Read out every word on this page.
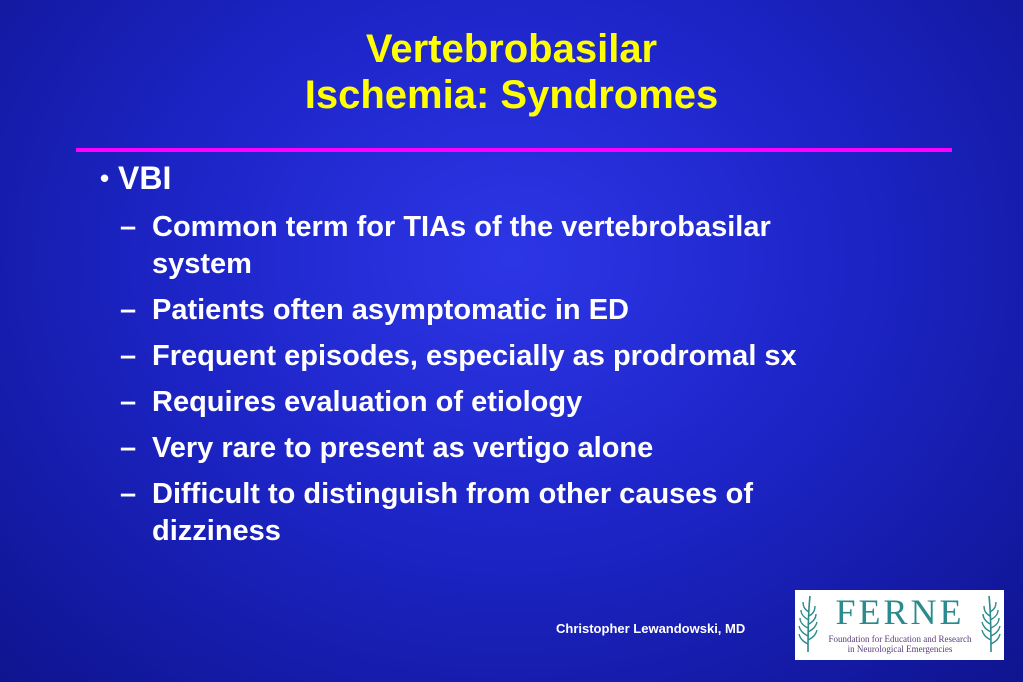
Vertebrobasilar
Ischemia: Syndromes
• VBI
– Common term for TIAs of the vertebrobasilar
system
– Patients often asymptomatic in ED
– Frequent episodes, especially as prodromal sx
– Requires evaluation of etiology
– Very rare to present as vertigo alone
– Difficult to distinguish from other causes of
dizziness
Christopher Lewandowski, MD	FERNE
Foundation for Education and Research
in Neurological Emergencies
